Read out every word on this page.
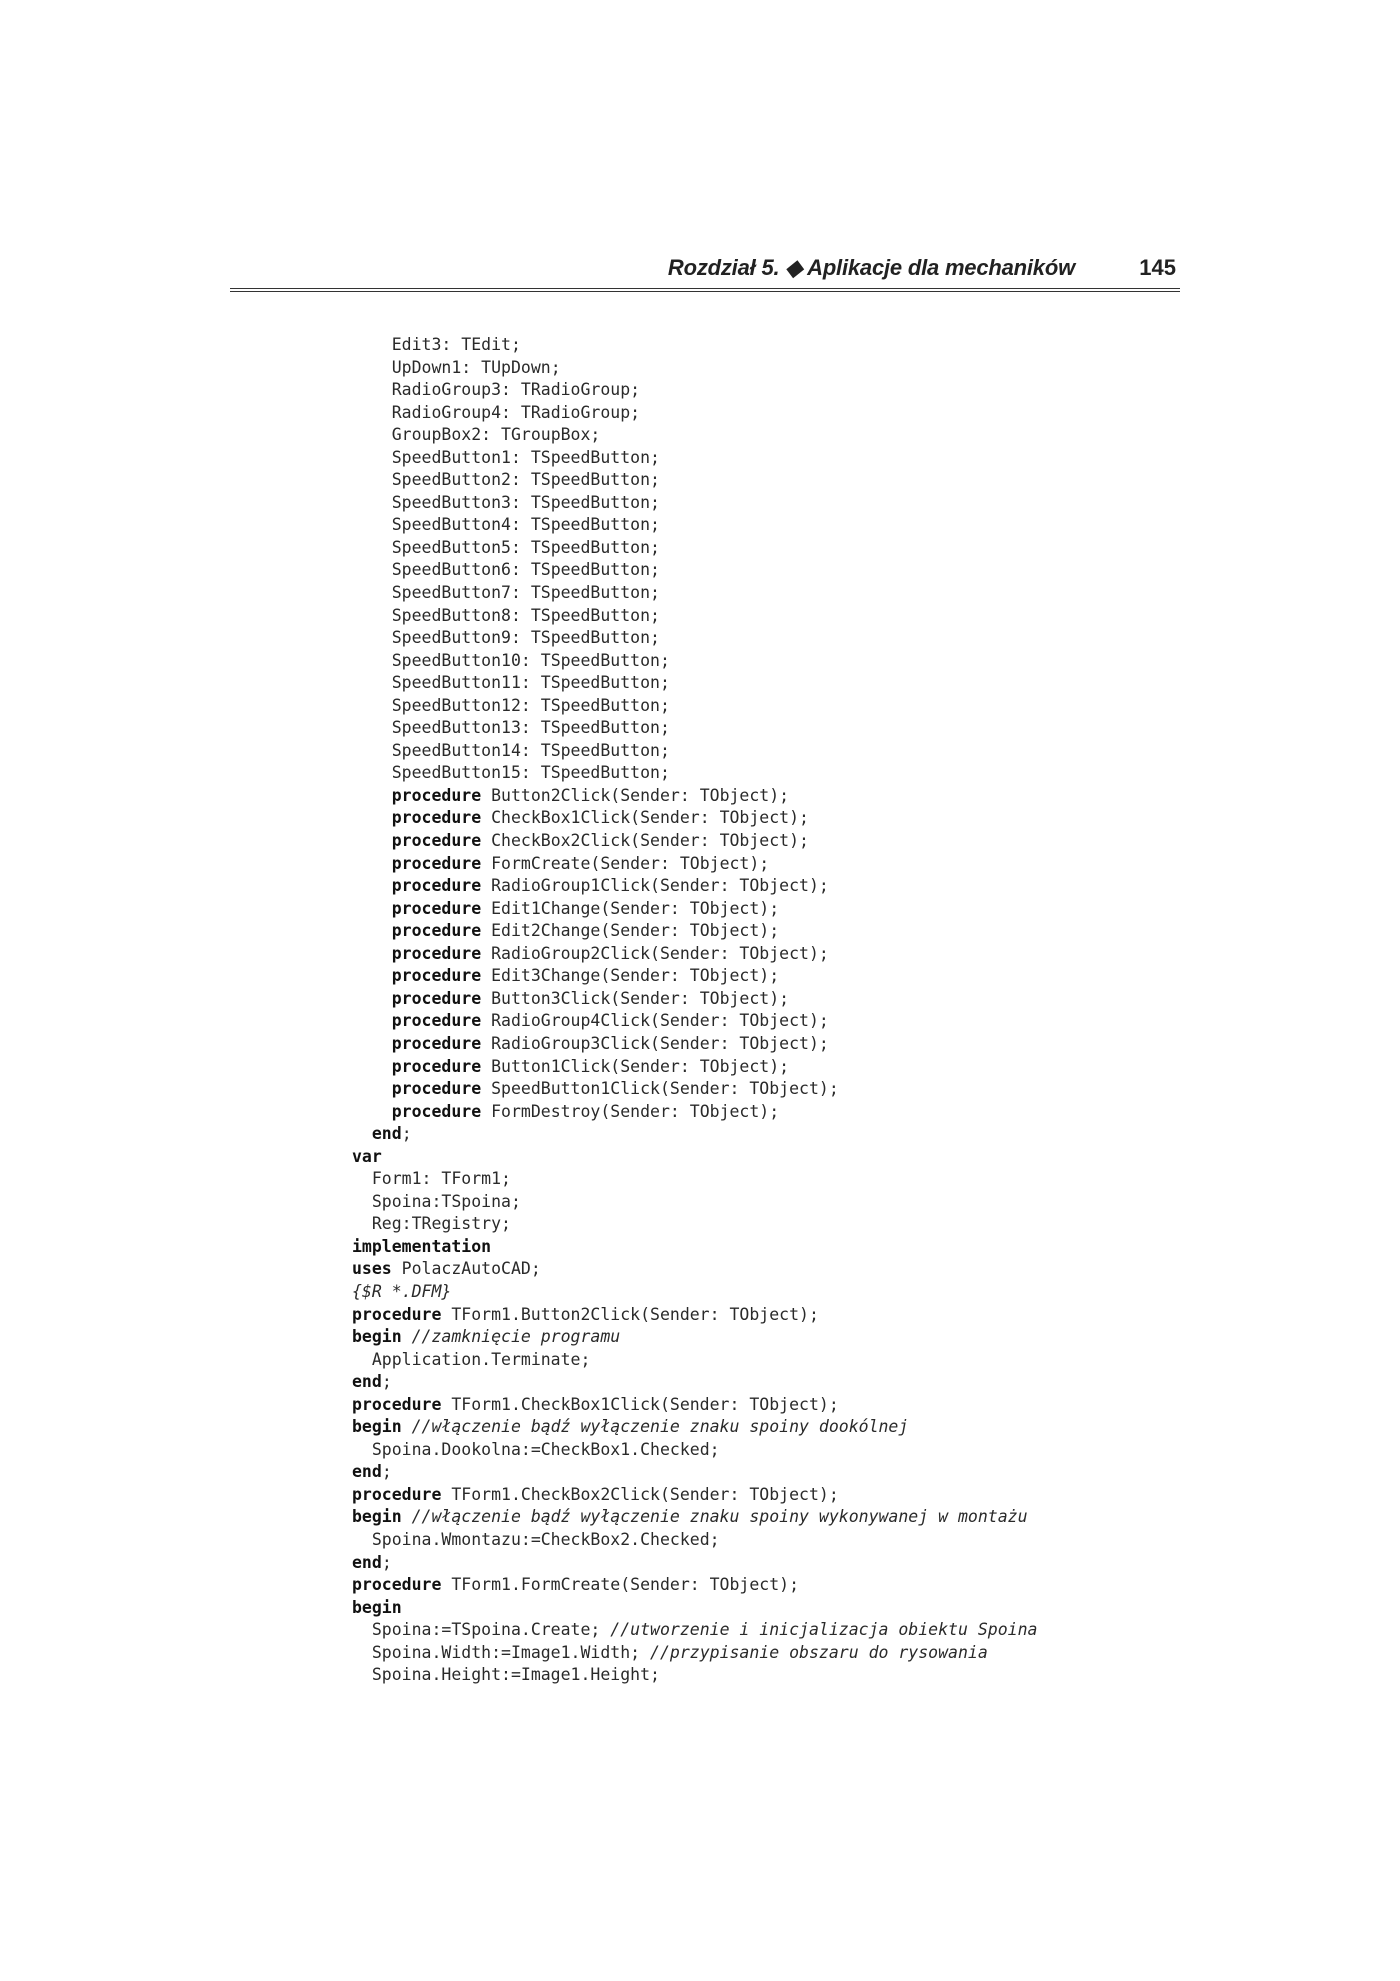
Rozdział 5. ◆ Aplikacje dla mechaników	145
Edit3: TEdit;
UpDown1: TUpDown;
RadioGroup3: TRadioGroup;
RadioGroup4: TRadioGroup;
GroupBox2: TGroupBox;
SpeedButton1: TSpeedButton;
SpeedButton2: TSpeedButton;
SpeedButton3: TSpeedButton;
SpeedButton4: TSpeedButton;
SpeedButton5: TSpeedButton;
SpeedButton6: TSpeedButton;
SpeedButton7: TSpeedButton;
SpeedButton8: TSpeedButton;
SpeedButton9: TSpeedButton;
SpeedButton10: TSpeedButton;
SpeedButton11: TSpeedButton;
SpeedButton12: TSpeedButton;
SpeedButton13: TSpeedButton;
SpeedButton14: TSpeedButton;
SpeedButton15: TSpeedButton;
procedure Button2Click(Sender: TObject);
procedure CheckBox1Click(Sender: TObject);
procedure CheckBox2Click(Sender: TObject);
procedure FormCreate(Sender: TObject);
procedure RadioGroup1Click(Sender: TObject);
procedure Edit1Change(Sender: TObject);
procedure Edit2Change(Sender: TObject);
procedure RadioGroup2Click(Sender: TObject);
procedure Edit3Change(Sender: TObject);
procedure Button3Click(Sender: TObject);
procedure RadioGroup4Click(Sender: TObject);
procedure RadioGroup3Click(Sender: TObject);
procedure Button1Click(Sender: TObject);
procedure SpeedButton1Click(Sender: TObject);
procedure FormDestroy(Sender: TObject);
end;
var
Form1: TForm1;
Spoina:TSpoina;
Reg:TRegistry;
implementation
uses PolaczAutoCAD;
{$R *.DFM}
procedure TForm1.Button2Click(Sender: TObject);
begin //zamknięcie programu
Application.Terminate;
end;
procedure TForm1.CheckBox1Click(Sender: TObject);
begin //włączenie bądź wyłączenie znaku spoiny dookólnej
Spoina.Dookolna:=CheckBox1.Checked;
end;
procedure TForm1.CheckBox2Click(Sender: TObject);
begin //włączenie bądź wyłączenie znaku spoiny wykonywanej w montażu
Spoina.Wmontazu:=CheckBox2.Checked;
end;
procedure TForm1.FormCreate(Sender: TObject);
begin
Spoina:=TSpoina.Create; //utworzenie i inicjalizacja obiektu Spoina
Spoina.Width:=Image1.Width; //przypisanie obszaru do rysowania
Spoina.Height:=Image1.Height;
